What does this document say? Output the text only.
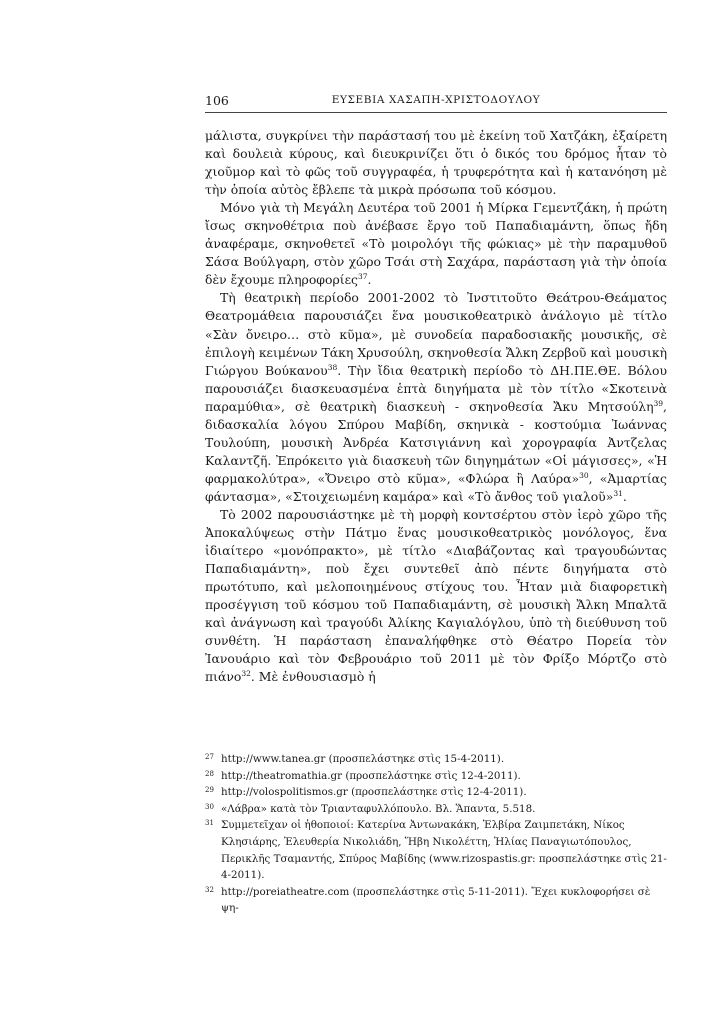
106	ΕΥΣΕΒΙΑ ΧΑΣΑΠΗ-ΧΡΙΣΤΟΔΟΥΛΟΥ

μάλιστα, συγκρίνει τὴν παράστασή του μὲ ἐκείνη τοῦ Χατζάκη, ἐξαίρετη καὶ δουλειὰ κύρους, καὶ διευκρινίζει ὅτι ὁ δικός του δρόμος ἦταν τὸ χιοῦμορ καὶ τὸ φῶς τοῦ συγγραφέα, ἡ τρυφερότητα καὶ ἡ κατανόηση μὲ τὴν ὁποία αὐτὸς ἔβλεπε τὰ μικρὰ πρόσωπα τοῦ κόσμου.

Μόνο γιὰ τὴ Μεγάλη Δευτέρα τοῦ 2001 ἡ Μίρκα Γεμεντζάκη, ἡ πρώτη ἴσως σκηνοθέτρια ποὺ ἀνέβασε ἔργο τοῦ Παπαδιαμάντη, ὅπως ἤδη ἀναφέραμε, σκηνοθετεῖ «Τὸ μοιρολόγι τῆς φώκιας» μὲ τὴν παραμυθοῦ Σάσα Βούλγαρη, στὸν χῶρο Τσάι στὴ Σαχάρα, παράσταση γιὰ τὴν ὁποία δὲν ἔχουμε πληροφορίες$^{37}$.

Τὴ θεατρικὴ περίοδο 2001-2002 τὸ Ἰνστιτοῦτο Θεάτρου-Θεάματος Θεατρομάθεια παρουσιάζει ἕνα μουσικοθεατρικὸ ἀνάλογιο μὲ τίτλο «Σὰν ὄνειρο… στὸ κῦμα», μὲ συνοδεία παραδοσιακῆς μουσικῆς, σὲ ἐπιλογὴ κειμένων Τάκη Χρυσούλη, σκηνοθεσία Ἄλκη Ζερβοῦ καὶ μουσικὴ Γιώργου Βούκανου$^{38}$. Τὴν ἴδια θεατρικὴ περίοδο τὸ ΔΗ.ΠΕ.ΘΕ. Βόλου παρουσιάζει διασκευασμένα ἑπτὰ διηγήματα μὲ τὸν τίτλο «Σκοτεινὰ παραμύθια», σὲ θεατρικὴ διασκευὴ - σκηνοθεσία Ἄκυ Μητσούλη$^{39}$, διδασκαλία λόγου Σπύρου Μαβίδη, σκηνικὰ - κοστούμια Ἰωάννας Τουλούπη, μουσικὴ Ἀνδρέα Κατσιγιάννη καὶ χορογραφία Ἀντζελας Καλαντζῆ. Ἐπρόκειτο γιὰ διασκευὴ τῶν διηγημάτων «Οἱ μάγισσες», «Ἡ φαρμακολύτρα», «Ὄνειρο στὸ κῦμα», «Φλώρα ἢ Λαύρα»$^{30}$, «Ἀμαρτίας φάντασμα», «Στοιχειωμένη καμάρα» καὶ «Τὸ ἄνθος τοῦ γιαλοῦ»$^{31}$.

Τὸ 2002 παρουσιάστηκε μὲ τὴ μορφὴ κοντσέρτου στὸν ἱερὸ χῶρο τῆς Ἀποκαλύψεως στὴν Πάτμο ἕνας μουσικοθεατρικὸς μονόλογος, ἕνα ἰδιαίτερο «μονόπρακτο», μὲ τίτλο «Διαβάζοντας καὶ τραγουδώντας Παπαδιαμάντη», ποὺ ἔχει συντεθεῖ ἀπὸ πέντε διηγήματα στὸ πρωτότυπο, καὶ μελοποιημένους στίχους του. Ἦταν μιὰ διαφορετικὴ προσέγγιση τοῦ κόσμου τοῦ Παπαδιαμάντη, σὲ μουσικὴ Ἄλκη Μπαλτᾶ καὶ ἀνάγνωση καὶ τραγούδι Ἀλίκης Καγιαλόγλου, ὑπὸ τὴ διεύθυνση τοῦ συνθέτη. Ἡ παράσταση ἐπαναλήφθηκε στὸ Θέατρο Πορεία τὸν Ἰανουάριο καὶ τὸν Φεβρουάριο τοῦ 2011 μὲ τὸν Φρίξο Μόρτζο στὸ πιάνο$^{32}$. Μὲ ἐνθουσιασμὸ ἡ

27 http://www.tanea.gr (προσπελάστηκε στὶς 15-4-2011).

28 http://theatromathia.gr (προσπελάστηκε στὶς 12-4-2011).

29 http://volospolitismos.gr (προσπελάστηκε στὶς 12-4-2011).

30 «Λάβρα» κατὰ τὸν Τριανταφυλλόπουλο. Βλ. Ἅπαντα, 5.518.

31 Συμμετεῖχαν οἱ ἠθοποιοί: Κατερίνα Ἀντωνακάκη, Ἐλβίρα Ζαιμπετάκη, Νίκος Κλησιάρης, Ἐλευθερία Νικολιάδη, Ἥβη Νικολέττη, Ἠλίας Παναγιωτόπουλος, Περικλῆς Τσαμαντής, Σπύρος Μαβίδης (www.rizospastis.gr: προσπελάστηκε στὶς 21-4-2011).

32 http://poreiatheatre.com (προσπελάστηκε στὶς 5-11-2011). Ἔχει κυκλοφορήσει σὲ ψη-
